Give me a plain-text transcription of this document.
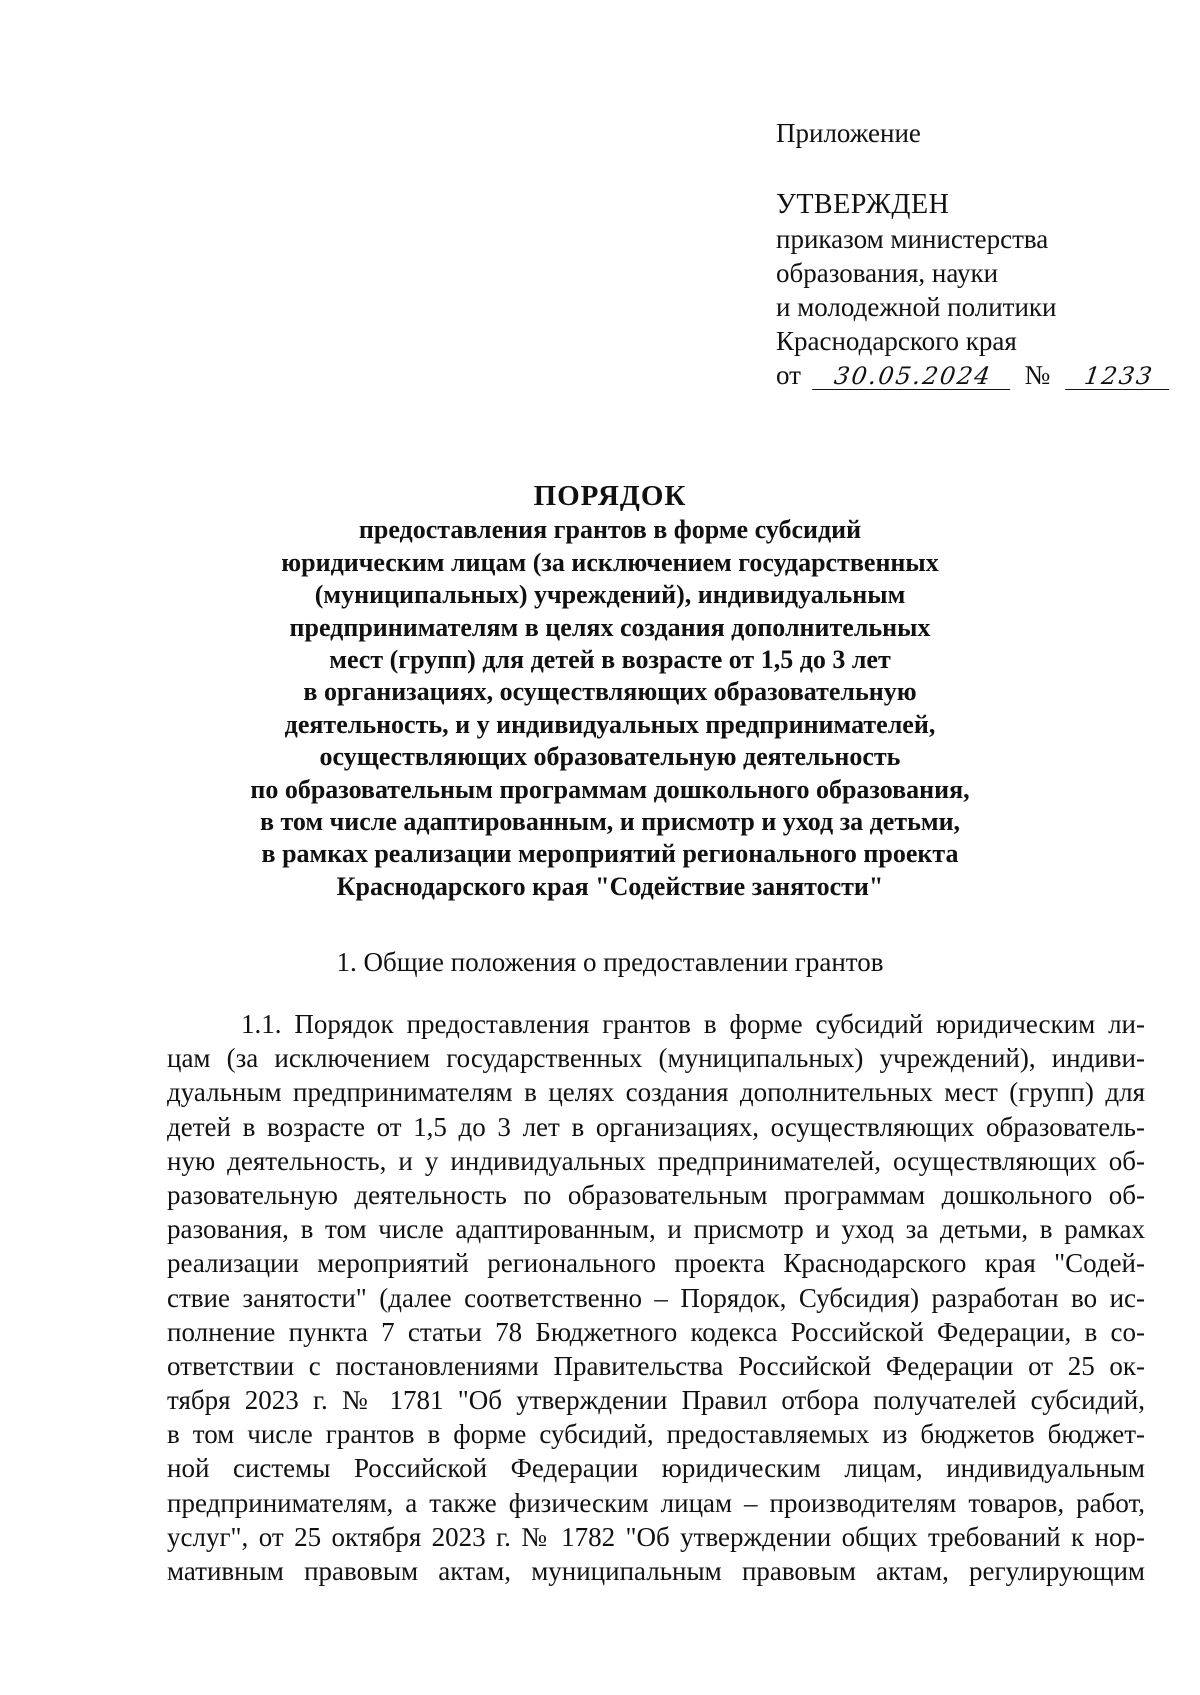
Приложение
УТВЕРЖДЕН
приказом министерства
образования, науки
и молодежной политики
Краснодарского края
от 30.05.2024 № 1233
ПОРЯДОК
предоставления грантов в форме субсидий
юридическим лицам (за исключением государственных
(муниципальных) учреждений), индивидуальным
предпринимателям в целях создания дополнительных
мест (групп) для детей в возрасте от 1,5 до 3 лет
в организациях, осуществляющих образовательную
деятельность, и у индивидуальных предпринимателей,
осуществляющих образовательную деятельность
по образовательным программам дошкольного образования,
в том числе адаптированным, и присмотр и уход за детьми,
в рамках реализации мероприятий регионального проекта
Краснодарского края "Содействие занятости"
1. Общие положения о предоставлении грантов
1.1. Порядок предоставления грантов в форме субсидий юридическим ли-
цам (за исключением государственных (муниципальных) учреждений), индиви-
дуальным предпринимателям в целях создания дополнительных мест (групп) для
детей в возрасте от 1,5 до 3 лет в организациях, осуществляющих образователь-
ную деятельность, и у индивидуальных предпринимателей, осуществляющих об-
разовательную деятельность по образовательным программам дошкольного об-
разования, в том числе адаптированным, и присмотр и уход за детьми, в рамках
реализации мероприятий регионального проекта Краснодарского края "Содей-
ствие занятости" (далее соответственно – Порядок, Субсидия) разработан во ис-
полнение пункта 7 статьи 78 Бюджетного кодекса Российской Федерации, в со-
ответствии с постановлениями Правительства Российской Федерации от 25 ок-
тября 2023 г. № 1781 "Об утверждении Правил отбора получателей субсидий,
в том числе грантов в форме субсидий, предоставляемых из бюджетов бюджет-
ной системы Российской Федерации юридическим лицам, индивидуальным
предпринимателям, а также физическим лицам – производителям товаров, работ,
услуг", от 25 октября 2023 г. № 1782 "Об утверждении общих требований к нор-
мативным правовым актам, муниципальным правовым актам, регулирующим
